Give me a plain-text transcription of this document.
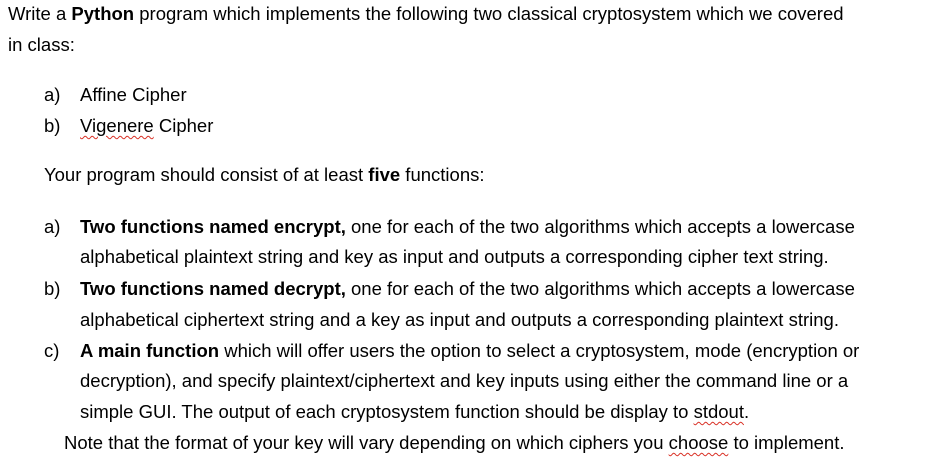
Write a Python program which implements the following two classical cryptosystem which we covered
in class:
a) Affine Cipher
b) Vigenere Cipher
Your program should consist of at least five functions:
a) Two functions named encrypt, one for each of the two algorithms which accepts a lowercase
alphabetical plaintext string and key as input and outputs a corresponding cipher text string.
b) Two functions named decrypt, one for each of the two algorithms which accepts a lowercase
alphabetical ciphertext string and a key as input and outputs a corresponding plaintext string.
c) A main function which will offer users the option to select a cryptosystem, mode (encryption or
decryption), and specify plaintext/ciphertext and key inputs using either the command line or a
simple GUI. The output of each cryptosystem function should be display to stdout.
Note that the format of your key will vary depending on which ciphers you choose to implement.
